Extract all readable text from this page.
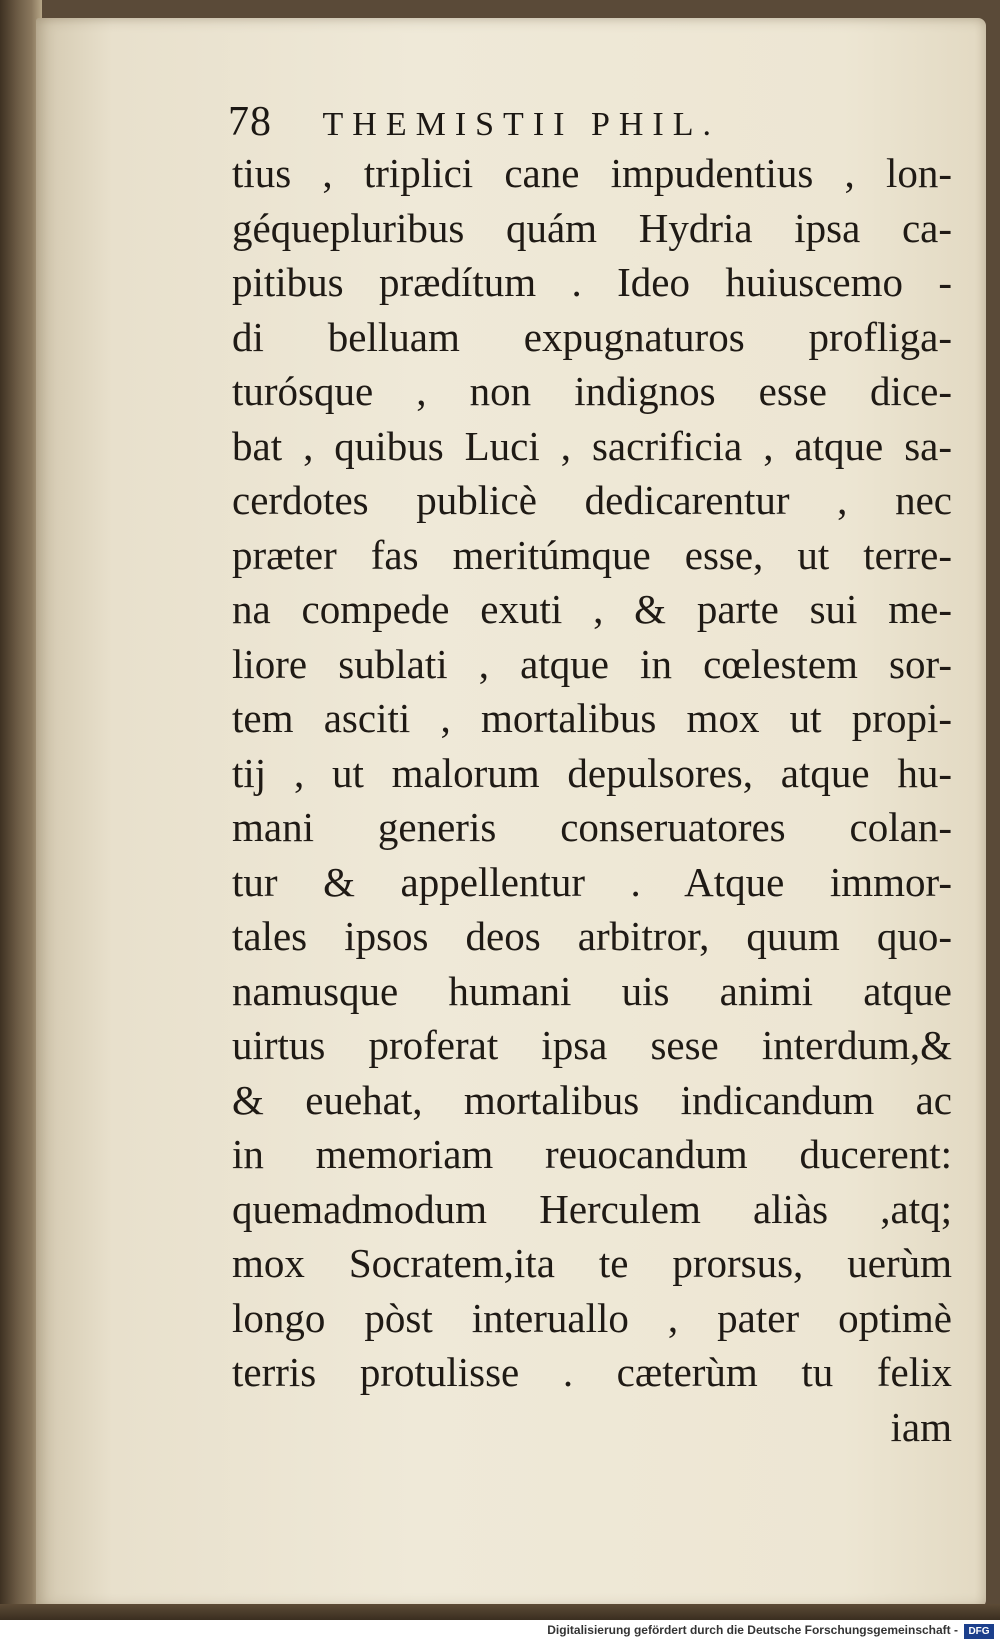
78 THEMISTII PHIL.
tius , triplici cane impudentius , lon-
géquepluribus quám Hydria ipsa ca-
pitibus prædítum . Ideo huiuscemo -
di belluam expugnaturos profliga-
turósque , non indignos esse dice-
bat , quibus Luci , sacrificia , atque sa-
cerdotes publicè dedicarentur , nec
præter fas meritúmque esse, ut terre-
na compede exuti , & parte sui me-
liore sublati , atque in cœlestem sor-
tem asciti , mortalibus mox ut propi-
tij , ut malorum depulsores, atque hu-
mani generis conseruatores colan-
tur & appellentur . Atque immor-
tales ipsos deos arbitror, quum quo-
namusque humani uis animi atque
uirtus proferat ipsa sese interdum,&
& euehat, mortalibus indicandum ac
in memoriam reuocandum ducerent:
quemadmodum Herculem aliàs ,atq;
mox Socratem,ita te prorsus, uerùm
longo pòst interuallo , pater optimè
terris protulisse . cæterùm tu felix
iam
Digitalisierung gefördert durch die Deutsche Forschungsgemeinschaft -	DFG
